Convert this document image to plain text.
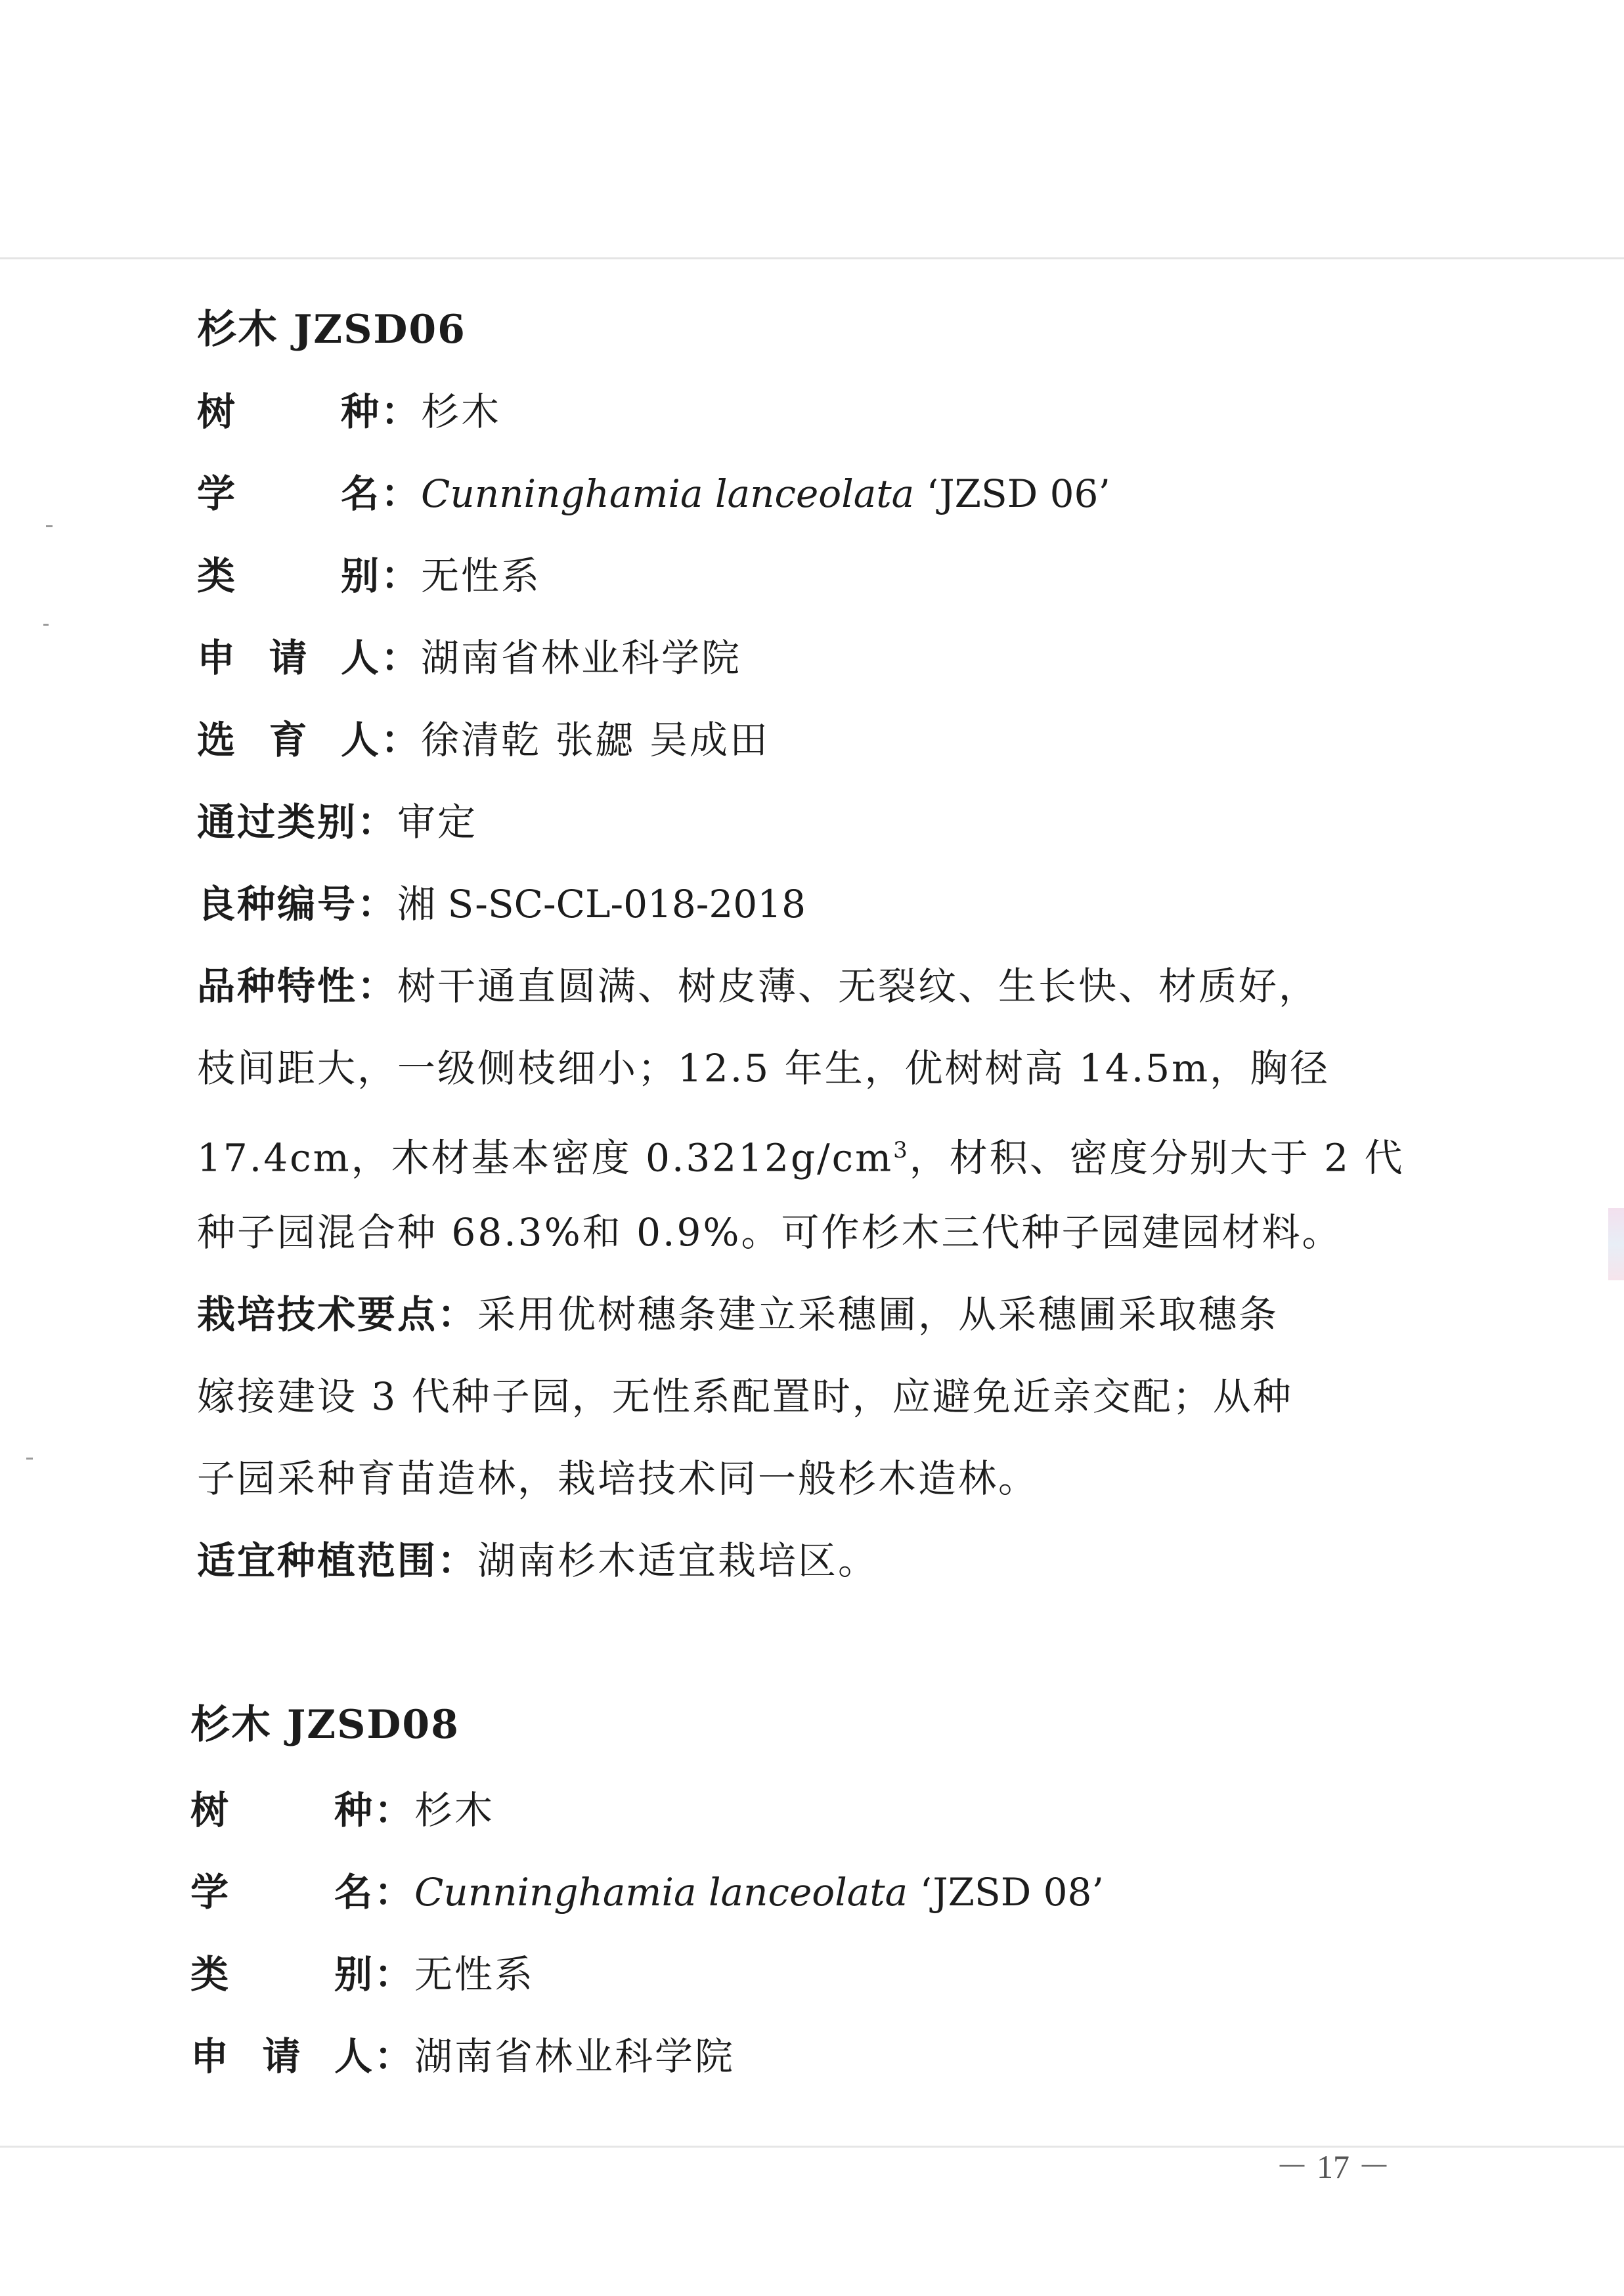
杉木 JZSD06
树	种 ：杉木
学	名 ：Cunninghamia lanceolata ‘JZSD 06’
类	别 ：无性系
申 请 人 ：湖南省林业科学院
选 育 人 ：徐清乾 张勰 吴成田
通过类别：审定
良种编号：湘 S-SC-CL-018-2018
品种特性：树干通直圆满、树皮薄、无裂纹、生长快、材质好，
枝间距大，一级侧枝细小；12.5 年生，优树树高 14.5m，胸径
17.4cm，木材基本密度 $0.3212g/cm^3$，材积、密度分别大于 2 代
种子园混合种 68.3%和 0.9%。可作杉木三代种子园建园材料。
栽培技术要点：采用优树穗条建立采穗圃，从采穗圃采取穗条
嫁接建设 3 代种子园，无性系配置时，应避免近亲交配；从种
子园采种育苗造林，栽培技术同一般杉木造林。
适宜种植范围：湖南杉木适宜栽培区。
杉木 JZSD08
树	种 ：杉木
学	名 ：Cunninghamia lanceolata ‘JZSD 08’
类	别 ：无性系
申 请 人 ：湖南省林业科学院
－ 17 －
